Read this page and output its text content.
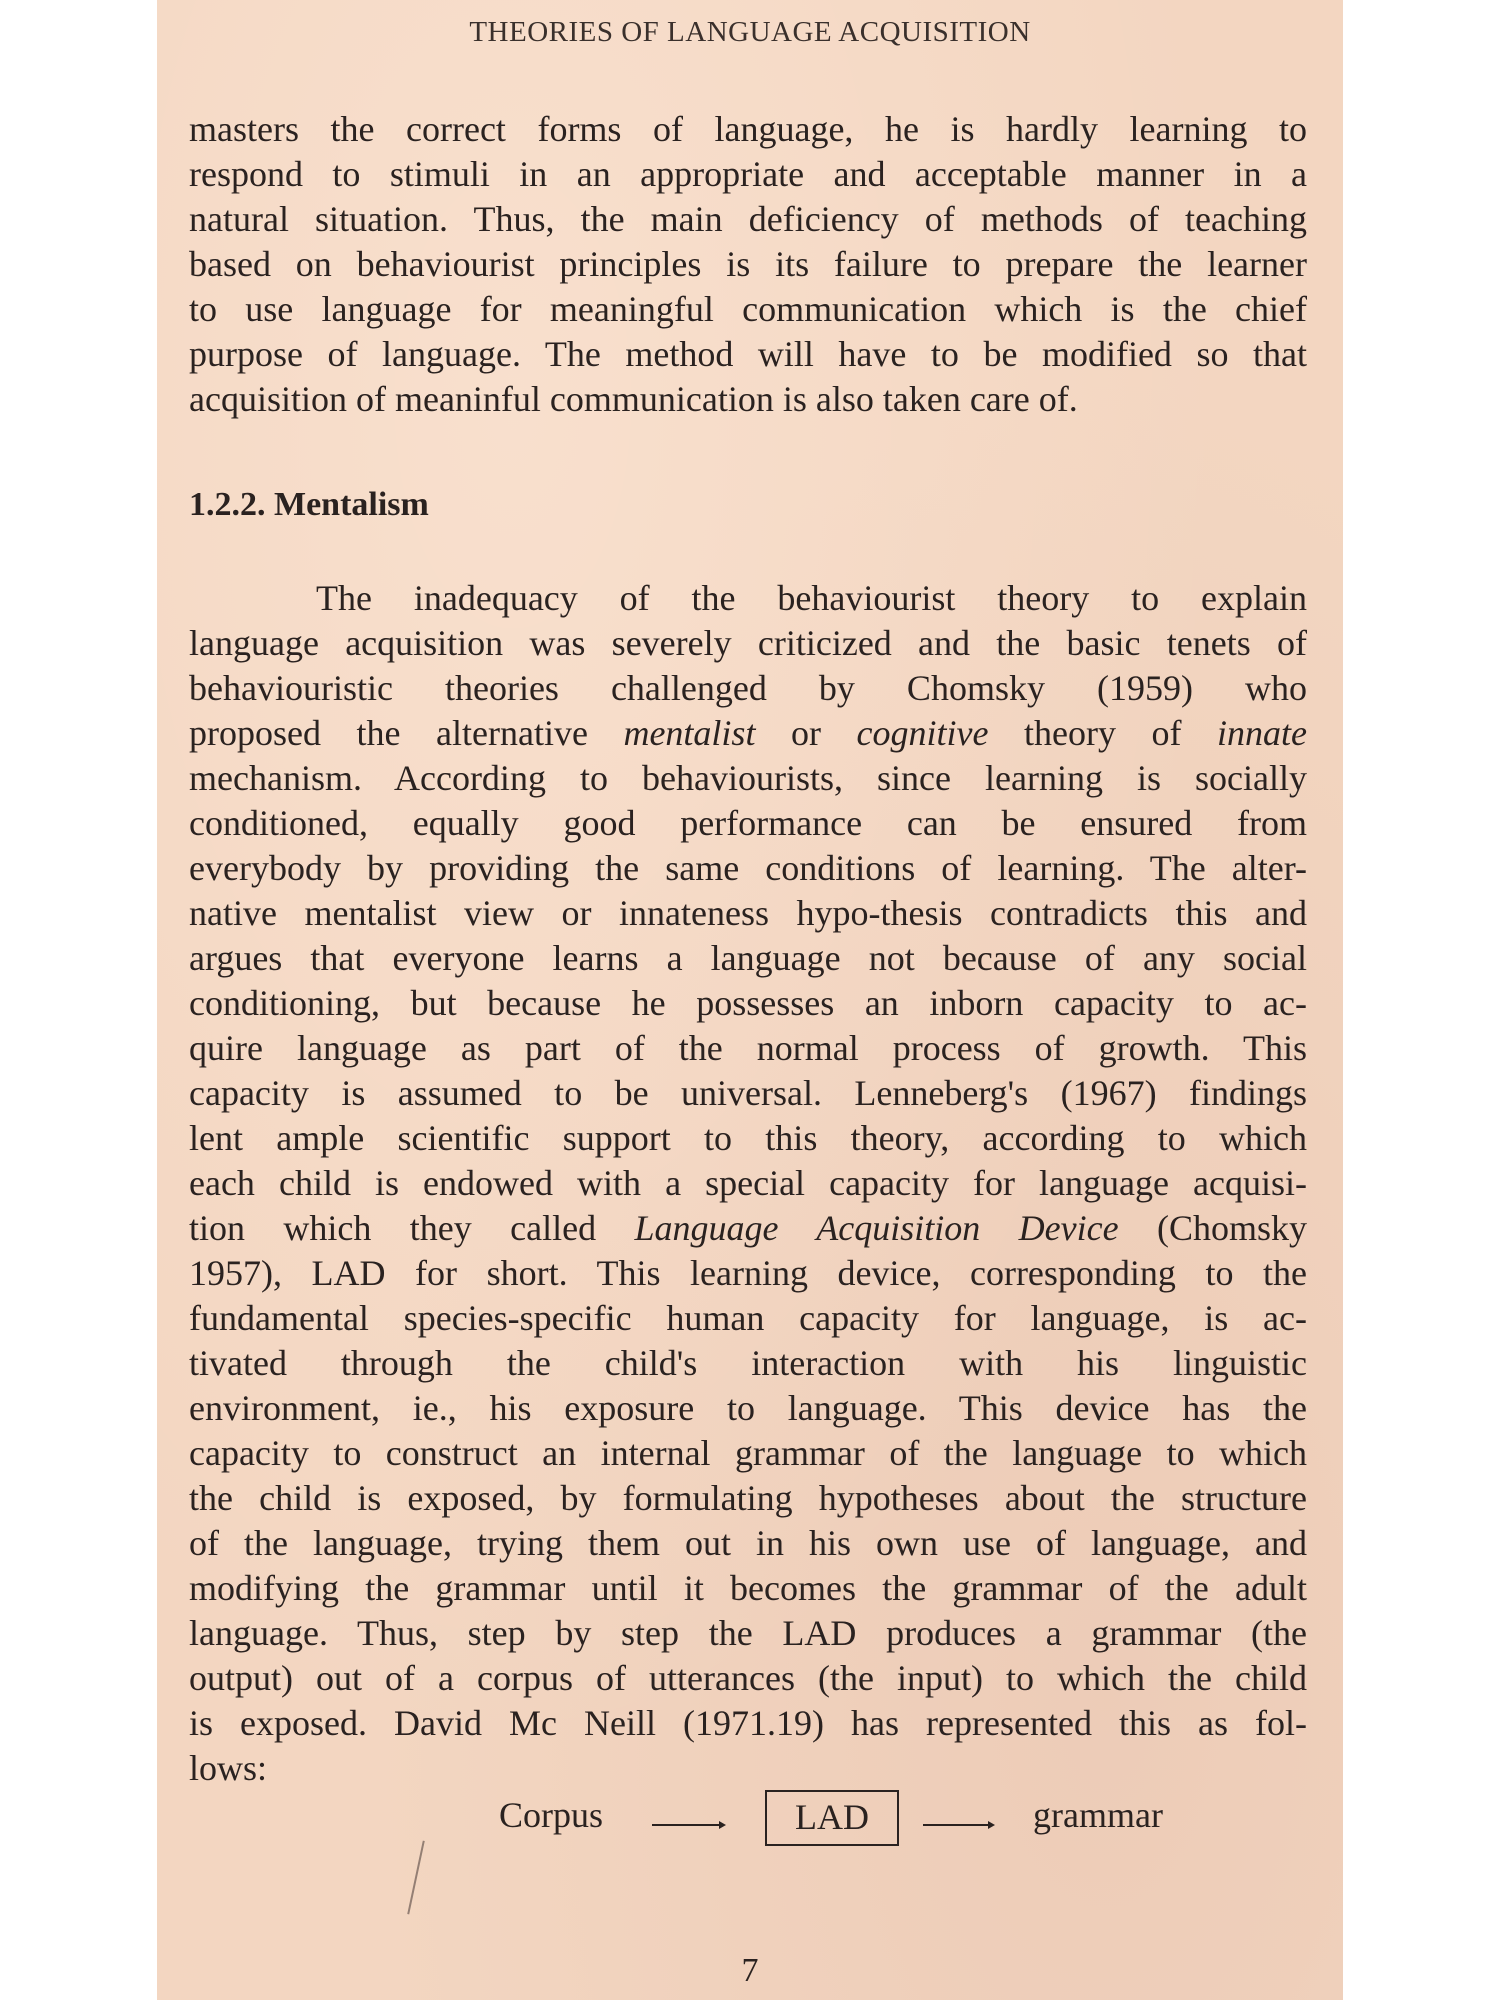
THEORIES OF LANGUAGE ACQUISITION
masters the correct forms of language, he is hardly learning to
respond to stimuli in an appropriate and acceptable manner in a
natural situation. Thus, the main deficiency of methods of teaching
based on behaviourist principles is its failure to prepare the learner
to use language for meaningful communication which is the chief
purpose of language. The method will have to be modified so that
acquisition of meaninful communication is also taken care of.
1.2.2. Mentalism
The inadequacy of the behaviourist theory to explain
language acquisition was severely criticized and the basic tenets of
behaviouristic theories challenged by Chomsky (1959) who
proposed the alternative mentalist or cognitive theory of innate
mechanism. According to behaviourists, since learning is socially
conditioned, equally good performance can be ensured from
everybody by providing the same conditions of learning. The alter-
native mentalist view or innateness hypo-thesis contradicts this and
argues that everyone learns a language not because of any social
conditioning, but because he possesses an inborn capacity to ac-
quire language as part of the normal process of growth. This
capacity is assumed to be universal. Lenneberg's (1967) findings
lent ample scientific support to this theory, according to which
each child is endowed with a special capacity for language acquisi-
tion which they called Language Acquisition Device (Chomsky
1957), LAD for short. This learning device, corresponding to the
fundamental species-specific human capacity for language, is ac-
tivated through the child's interaction with his linguistic
environment, ie., his exposure to language. This device has the
capacity to construct an internal grammar of the language to which
the child is exposed, by formulating hypotheses about the structure
of the language, trying them out in his own use of language, and
modifying the grammar until it becomes the grammar of the adult
language. Thus, step by step the LAD produces a grammar (the
output) out of a corpus of utterances (the input) to which the child
is exposed. David Mc Neill (1971.19) has represented this as fol-
lows:
Corpus	LAD	grammar
7
